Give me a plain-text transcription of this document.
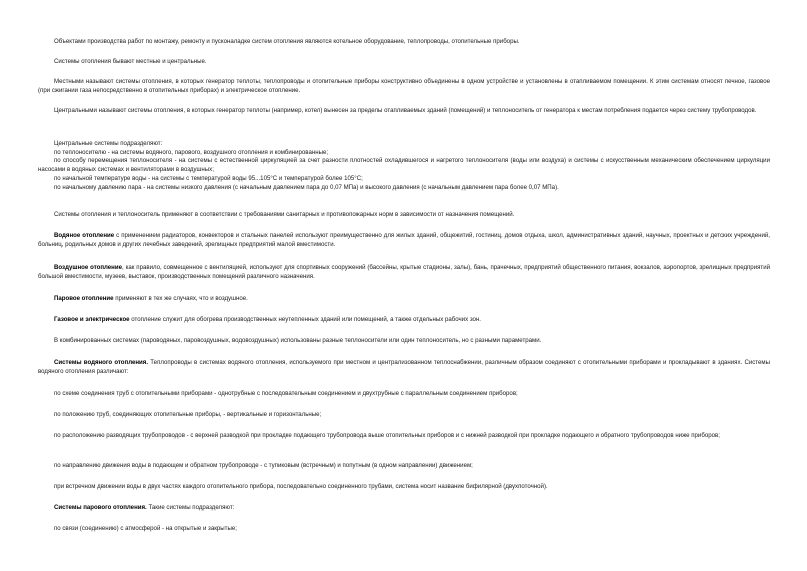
Объектами производства работ по монтажу, ремонту и пусконаладке систем отопления являются котельное оборудование, теплопроводы, отопительные приборы.

Системы отопления бывают местные и центральные.

Местными называют системы отопления, в которых генератор теплоты, теплопроводы и отопительные приборы конструктивно объединены в одном устройстве и установлены в отапливаемом помещении. К этим системам относят печное, газовое (при сжигании газа непосредственно в отопительных приборах) и электрическое отопление.

Центральными называют системы отопления, в которых генератор теплоты (например, котел) вынесен за пределы отапливаемых зданий (помещений) и теплоноситель от генератора к местам потребления подается через систему трубопроводов.

Центральные системы подразделяют:
по теплоносителю - на системы водяного, парового, воздушного отопления и комбинированные;
по способу перемещения теплоносителя - на системы с естественной циркуляцией за счет разности плотностей охладившегося и нагретого теплоносителя (воды или воздуха) и системы с искусственным механическим обеспечением циркуляции насосами в водяных системах и вентиляторами в воздушных;
по начальной температуре воды - на системы с температурой воды 95...105°С и температурой более 105°С;
по начальному давлению пара - на системы низкого давления (с начальным давлением пара до 0,07 МПа) и высокого давления (с начальным давлением пара более 0,07 МПа).

Системы отопления и теплоноситель применяют в соответствии с требованиями санитарных и противопожарных норм в зависимости от назначения помещений.

Водяное отопление с применением радиаторов, конвекторов и стальных панелей используют преимущественно для жилых зданий, общежитий, гостиниц, домов отдыха, школ, административных зданий, научных, проектных и детских учреждений, больниц, родильных домов и других лечебных заведений, зрелищных предприятий малой вместимости.

Воздушное отопление, как правило, совмещенное с вентиляцией, используют для спортивных сооружений (бассейны, крытые стадионы, залы), бань, прачечных, предприятий общественного питания, вокзалов, аэропортов, зрелищных предприятий большой вместимости, музеев, выставок, производственных помещений различного назначения.

Паровое отопление применяют в тех же случаях, что и воздушное.

Газовое и электрическое отопление служит для обогрева производственных неутепленных зданий или помещений, а также отдельных рабочих зон.

В комбинированных системах (пароводяных, паровоздушных, водовоздушных) использованы разные теплоносители или один теплоноситель, но с разными параметрами.

Системы водяного отопления. Теплопроводы в системах водяного отопления, используемого при местном и централизованном теплоснабжении, различным образом соединяют с отопительными приборами и прокладывают в зданиях. Системы водяного отопления различают:

по схеме соединения труб с отопительными приборами - однотрубные с последовательным соединением и двухтрубные с параллельным соединением приборов;

по положению труб, соединяющих отопительные приборы, - вертикальные и горизонтальные;

по расположению разводящих трубопроводов - с верхней разводкой при прокладке подающего трубопровода выше отопительных приборов и с нижней разводкой при прокладке подающего и обратного трубопроводов ниже приборов;

по направлению движения воды в подающем и обратном трубопроводе - с тупиковым (встречным) и попутным (в одном направлении) движением;

при встречном движении воды в двух частях каждого отопительного прибора, последовательно соединенного трубами, система носит название бифилярной (двухпоточной).

Системы парового отопления. Такие системы подразделяют:

по связи (соединению) с атмосферой - на открытые и закрытые;
